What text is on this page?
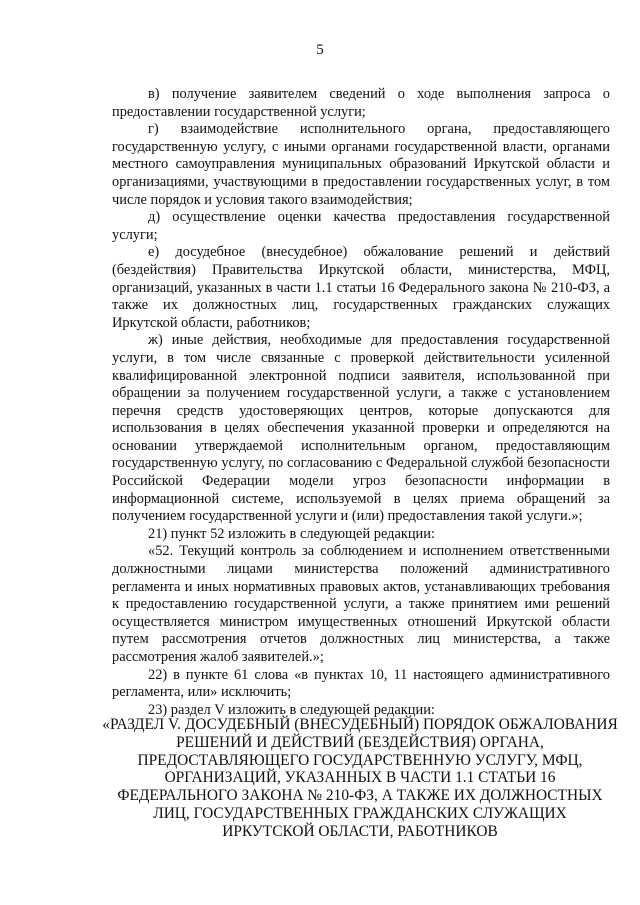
5

в) получение заявителем сведений о ходе выполнения запроса о предоставлении государственной услуги;

г) взаимодействие исполнительного органа, предоставляющего государственную услугу, с иными органами государственной власти, органами местного самоуправления муниципальных образований Иркутской области и организациями, участвующими в предоставлении государственных услуг, в том числе порядок и условия такого взаимодействия;

д) осуществление оценки качества предоставления государственной услуги;

е) досудебное (внесудебное) обжалование решений и действий (бездействия) Правительства Иркутской области, министерства, МФЦ, организаций, указанных в части 1.1 статьи 16 Федерального закона № 210-ФЗ, а также их должностных лиц, государственных гражданских служащих Иркутской области, работников;

ж) иные действия, необходимые для предоставления государственной услуги, в том числе связанные с проверкой действительности усиленной квалифицированной электронной подписи заявителя, использованной при обращении за получением государственной услуги, а также с установлением перечня средств удостоверяющих центров, которые допускаются для использования в целях обеспечения указанной проверки и определяются на основании утверждаемой исполнительным органом, предоставляющим государственную услугу, по согласованию с Федеральной службой безопасности Российской Федерации модели угроз безопасности информации в информационной системе, используемой в целях приема обращений за получением государственной услуги и (или) предоставления такой услуги.»;

21) пункт 52 изложить в следующей редакции:

«52. Текущий контроль за соблюдением и исполнением ответственными должностными лицами министерства положений административного регламента и иных нормативных правовых актов, устанавливающих требования к предоставлению государственной услуги, а также принятием ими решений осуществляется министром имущественных отношений Иркутской области путем рассмотрения отчетов должностных лиц министерства, а также рассмотрения жалоб заявителей.»;

22) в пункте 61 слова «в пунктах 10, 11 настоящего административного регламента, или» исключить;

23) раздел V изложить в следующей редакции:

«РАЗДЕЛ V. ДОСУДЕБНЫЙ (ВНЕСУДЕБНЫЙ) ПОРЯДОК ОБЖАЛОВАНИЯ
РЕШЕНИЙ И ДЕЙСТВИЙ (БЕЗДЕЙСТВИЯ) ОРГАНА,
ПРЕДОСТАВЛЯЮЩЕГО ГОСУДАРСТВЕННУЮ УСЛУГУ, МФЦ,
ОРГАНИЗАЦИЙ, УКАЗАННЫХ В ЧАСТИ 1.1 СТАТЬИ 16
ФЕДЕРАЛЬНОГО ЗАКОНА № 210-ФЗ, А ТАКЖЕ ИХ ДОЛЖНОСТНЫХ
ЛИЦ, ГОСУДАРСТВЕННЫХ ГРАЖДАНСКИХ СЛУЖАЩИХ
ИРКУТСКОЙ ОБЛАСТИ, РАБОТНИКОВ
